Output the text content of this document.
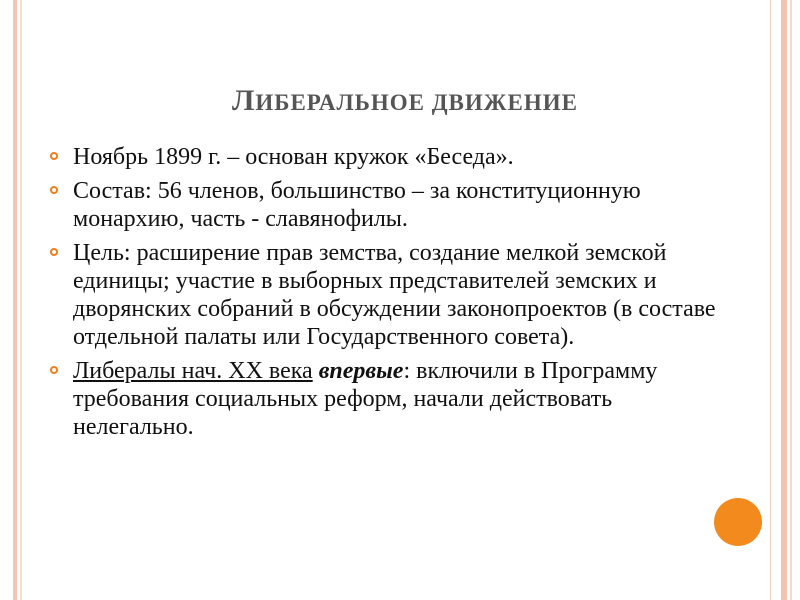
ЛИБЕРАЛЬНОЕ ДВИЖЕНИЕ
Ноябрь 1899 г. – основан кружок «Беседа».
Состав: 56 членов, большинство – за конституционную монархию, часть - славянофилы.
Цель: расширение прав земства, создание мелкой земской единицы; участие в выборных представителей земских и дворянских собраний в обсуждении законопроектов (в составе отдельной палаты или Государственного совета).
Либералы нач. XX века впервые: включили в Программу требования социальных реформ, начали действовать нелегально.
